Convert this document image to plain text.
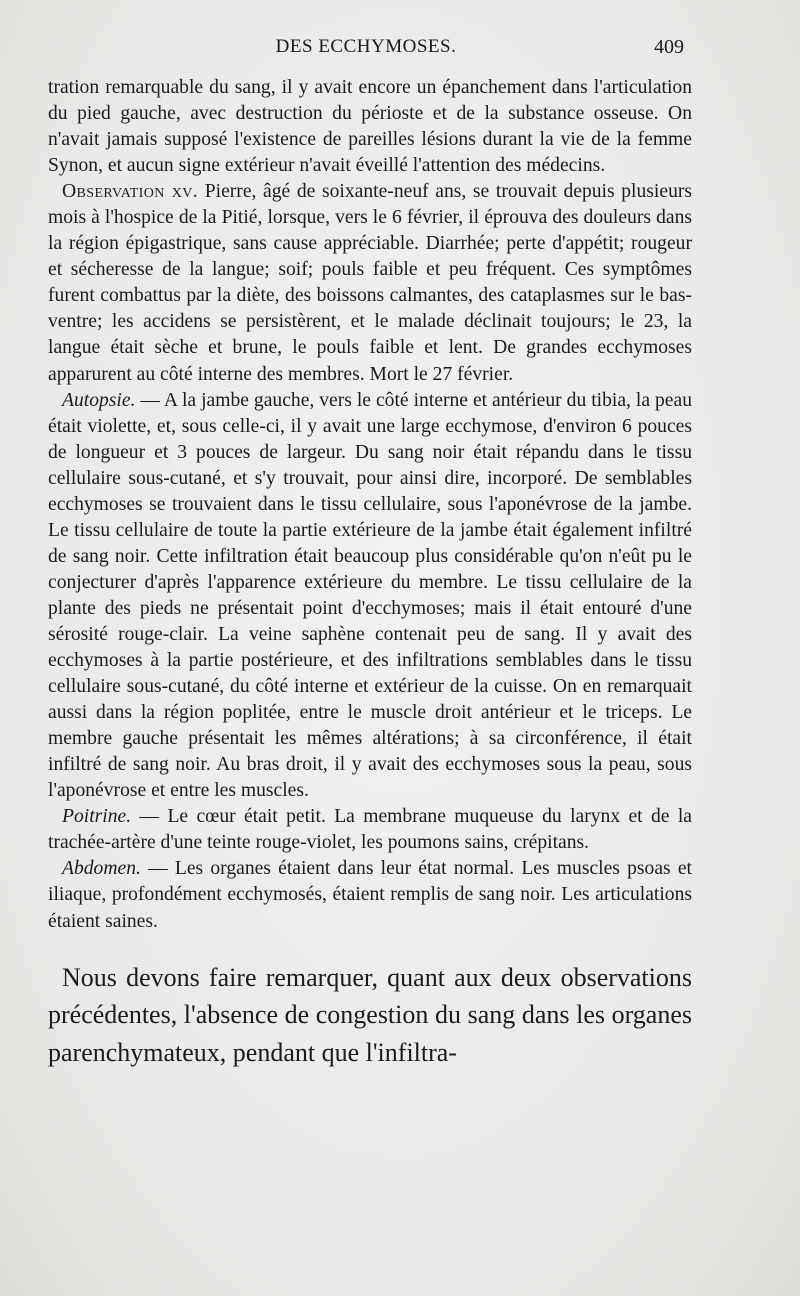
DES ECCHYMOSES.	409

tration remarquable du sang, il y avait encore un épanchement dans l'articulation du pied gauche, avec destruction du périoste et de la substance osseuse. On n'avait jamais supposé l'existence de pareilles lésions durant la vie de la femme Synon, et aucun signe extérieur n'avait éveillé l'attention des médecins.

Observation xv. Pierre, âgé de soixante-neuf ans, se trouvait depuis plusieurs mois à l'hospice de la Pitié, lorsque, vers le 6 février, il éprouva des douleurs dans la région épigastrique, sans cause appréciable. Diarrhée; perte d'appétit; rougeur et sécheresse de la langue; soif; pouls faible et peu fréquent. Ces symptômes furent combattus par la diète, des boissons calmantes, des cataplasmes sur le bas-ventre; les accidens se persistèrent, et le malade déclinait toujours; le 23, la langue était sèche et brune, le pouls faible et lent. De grandes ecchymoses apparurent au côté interne des membres. Mort le 27 février.

Autopsie. — A la jambe gauche, vers le côté interne et antérieur du tibia, la peau était violette, et, sous celle-ci, il y avait une large ecchymose, d'environ 6 pouces de longueur et 3 pouces de largeur. Du sang noir était répandu dans le tissu cellulaire sous-cutané, et s'y trouvait, pour ainsi dire, incorporé. De semblables ecchymoses se trouvaient dans le tissu cellulaire, sous l'aponévrose de la jambe. Le tissu cellulaire de toute la partie extérieure de la jambe était également infiltré de sang noir. Cette infiltration était beaucoup plus considérable qu'on n'eût pu le conjecturer d'après l'apparence extérieure du membre. Le tissu cellulaire de la plante des pieds ne présentait point d'ecchymoses; mais il était entouré d'une sérosité rouge-clair. La veine saphène contenait peu de sang. Il y avait des ecchymoses à la partie postérieure, et des infiltrations semblables dans le tissu cellulaire sous-cutané, du côté interne et extérieur de la cuisse. On en remarquait aussi dans la région poplitée, entre le muscle droit antérieur et le triceps. Le membre gauche présentait les mêmes altérations; à sa circonférence, il était infiltré de sang noir. Au bras droit, il y avait des ecchymoses sous la peau, sous l'aponévrose et entre les muscles.

Poitrine. — Le cœur était petit. La membrane muqueuse du larynx et de la trachée-artère d'une teinte rouge-violet, les poumons sains, crépitans.

Abdomen. — Les organes étaient dans leur état normal. Les muscles psoas et iliaque, profondément ecchymosés, étaient remplis de sang noir. Les articulations étaient saines.

Nous devons faire remarquer, quant aux deux observations précédentes, l'absence de congestion du sang dans les organes parenchymateux, pendant que l'infiltra-
